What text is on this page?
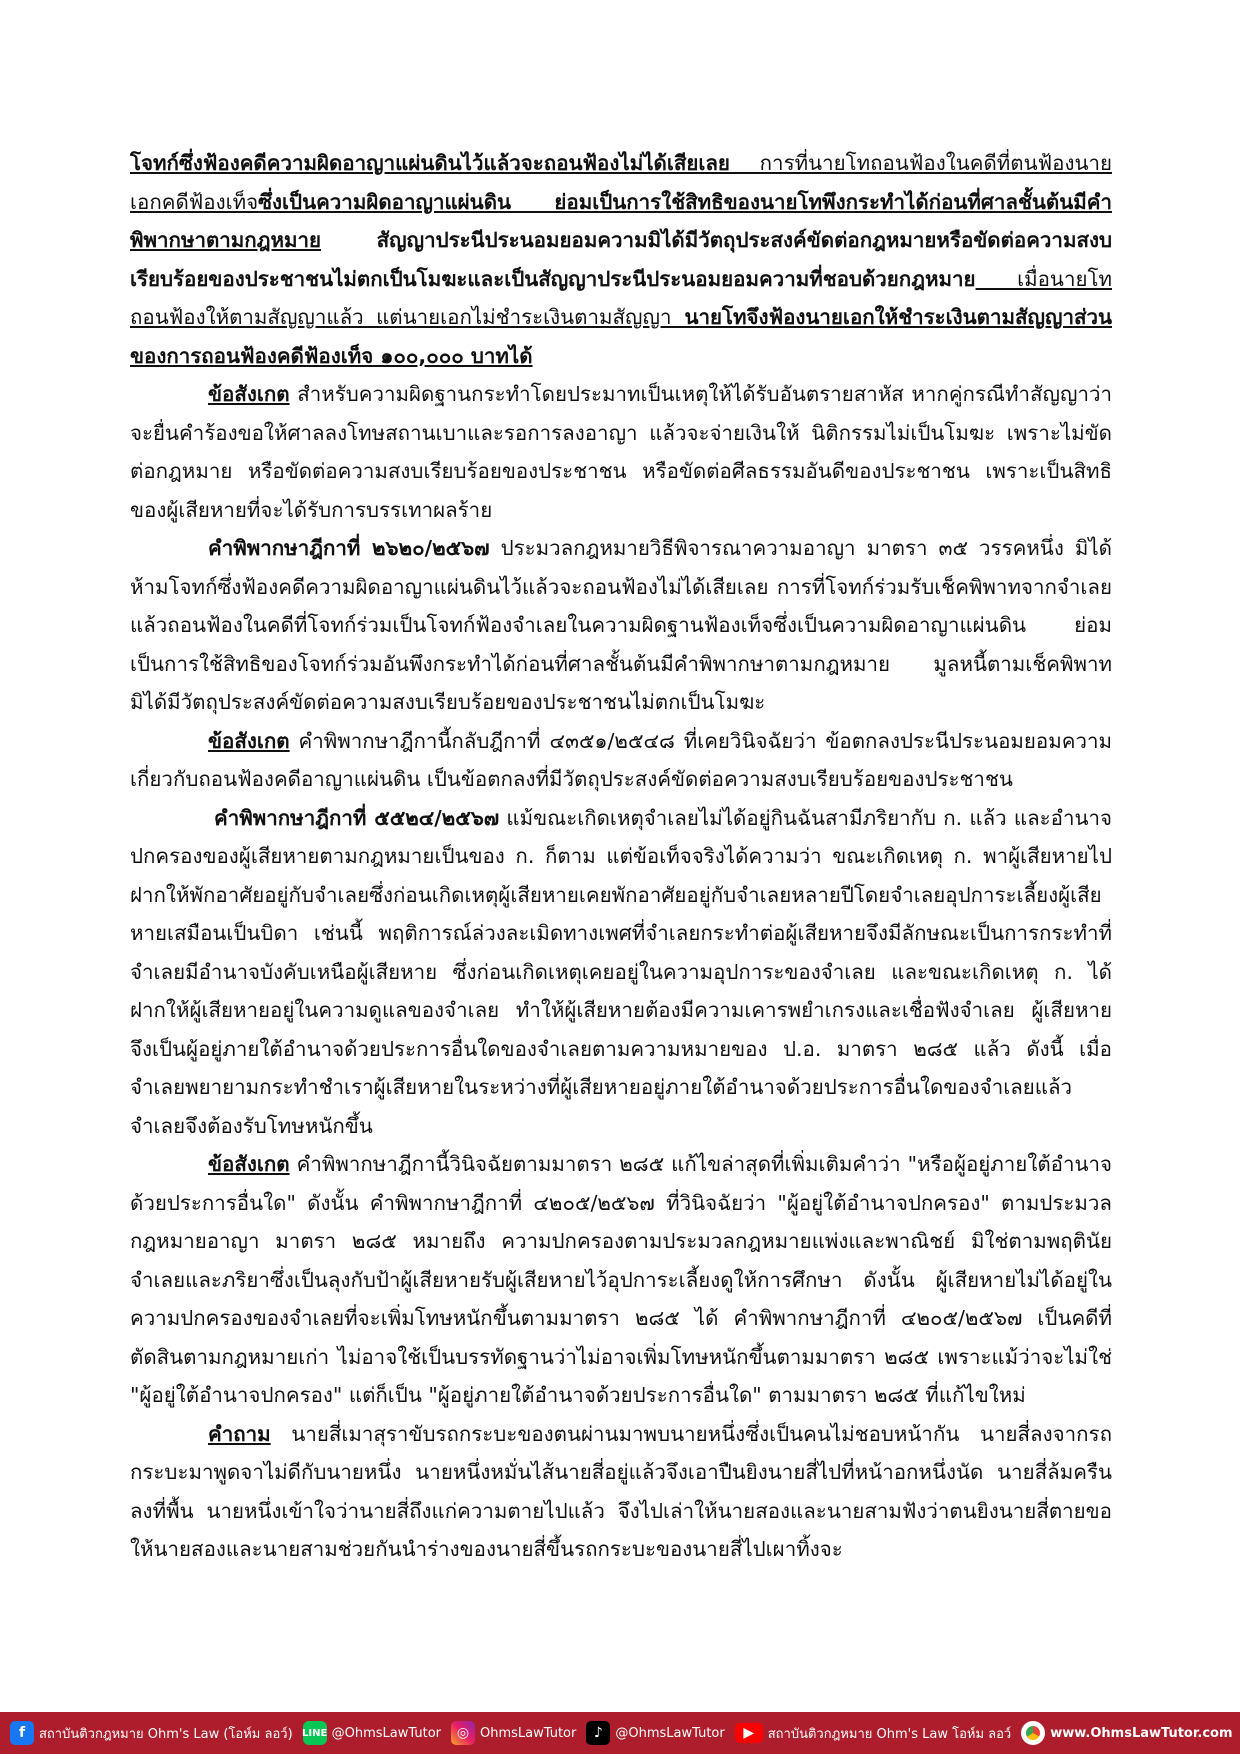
โจทก์ซึ่งฟ้องคดีความผิดอาญาแผ่นดินไว้แล้วจะถอนฟ้องไม่ได้เสียเลย การที่นายโทถอนฟ้องในคดีที่ตนฟ้องนายเอกคดีฟ้องเท็จซึ่งเป็นความผิดอาญาแผ่นดิน ย่อมเป็นการใช้สิทธิของนายโทพึงกระทำได้ก่อนที่ศาลชั้นต้นมีคำพิพากษาตามกฎหมาย สัญญาประนีประนอมยอมความมิได้มีวัตถุประสงค์ขัดต่อกฎหมายหรือขัดต่อความสงบเรียบร้อยของประชาชนไม่ตกเป็นโมฆะและเป็นสัญญาประนีประนอมยอมความที่ชอบด้วยกฎหมาย เมื่อนายโทถอนฟ้องให้ตามสัญญาแล้ว แต่นายเอกไม่ชำระเงินตามสัญญา นายโทจึงฟ้องนายเอกให้ชำระเงินตามสัญญาส่วนของการถอนฟ้องคดีฟ้องเท็จ ๑๐๐,๐๐๐ บาทได้

ข้อสังเกต สำหรับความผิดฐานกระทำโดยประมาทเป็นเหตุให้ได้รับอันตรายสาหัส หากคู่กรณีทำสัญญาว่า จะยื่นคำร้องขอให้ศาลลงโทษสถานเบาและรอการลงอาญา แล้วจะจ่ายเงินให้ นิติกรรมไม่เป็นโมฆะ เพราะไม่ขัดต่อกฎหมาย หรือขัดต่อความสงบเรียบร้อยของประชาชน หรือขัดต่อศีลธรรมอันดีของประชาชน เพราะเป็นสิทธิของผู้เสียหายที่จะได้รับการบรรเทาผลร้าย

คำพิพากษาฎีกาที่ ๒๖๒๐/๒๕๖๗ ประมวลกฎหมายวิธีพิจารณาความอาญา มาตรา ๓๕ วรรคหนึ่ง มิได้ห้ามโจทก์ซึ่งฟ้องคดีความผิดอาญาแผ่นดินไว้แล้วจะถอนฟ้องไม่ได้เสียเลย การที่โจทก์ร่วมรับเช็คพิพาทจากจำเลยแล้วถอนฟ้องในคดีที่โจทก์ร่วมเป็นโจทก์ฟ้องจำเลยในความผิดฐานฟ้องเท็จซึ่งเป็นความผิดอาญาแผ่นดิน ย่อมเป็นการใช้สิทธิของโจทก์ร่วมอันพึงกระทำได้ก่อนที่ศาลชั้นต้นมีคำพิพากษาตามกฎหมาย มูลหนี้ตามเช็คพิพาทมิได้มีวัตถุประสงค์ขัดต่อความสงบเรียบร้อยของประชาชนไม่ตกเป็นโมฆะ

ข้อสังเกต คำพิพากษาฎีกานี้กลับฎีกาที่ ๔๓๕๑/๒๕๔๘ ที่เคยวินิจฉัยว่า ข้อตกลงประนีประนอมยอมความเกี่ยวกับถอนฟ้องคดีอาญาแผ่นดิน เป็นข้อตกลงที่มีวัตถุประสงค์ขัดต่อความสงบเรียบร้อยของประชาชน

คำพิพากษาฎีกาที่ ๕๕๒๔/๒๕๖๗ แม้ขณะเกิดเหตุจำเลยไม่ได้อยู่กินฉันสามีภริยากับ ก. แล้ว และอำนาจปกครองของผู้เสียหายตามกฎหมายเป็นของ ก. ก็ตาม แต่ข้อเท็จจริงได้ความว่า ขณะเกิดเหตุ ก. พาผู้เสียหายไปฝากให้พักอาศัยอยู่กับจำเลยซึ่งก่อนเกิดเหตุผู้เสียหายเคยพักอาศัยอยู่กับจำเลยหลายปีโดยจำเลยอุปการะเลี้ยงผู้เสียหายเสมือนเป็นบิดา เช่นนี้ พฤติการณ์ล่วงละเมิดทางเพศที่จำเลยกระทำต่อผู้เสียหายจึงมีลักษณะเป็นการกระทำที่จำเลยมีอำนาจบังคับเหนือผู้เสียหาย ซึ่งก่อนเกิดเหตุเคยอยู่ในความอุปการะของจำเลย และขณะเกิดเหตุ ก. ได้ฝากให้ผู้เสียหายอยู่ในความดูแลของจำเลย ทำให้ผู้เสียหายต้องมีความเคารพยำเกรงและเชื่อฟังจำเลย ผู้เสียหายจึงเป็นผู้อยู่ภายใต้อำนาจด้วยประการอื่นใดของจำเลยตามความหมายของ ป.อ. มาตรา ๒๘๕ แล้ว ดังนี้ เมื่อจำเลยพยายามกระทำชำเราผู้เสียหายในระหว่างที่ผู้เสียหายอยู่ภายใต้อำนาจด้วยประการอื่นใดของจำเลยแล้ว จำเลยจึงต้องรับโทษหนักขึ้น

ข้อสังเกต คำพิพากษาฎีกานี้วินิจฉัยตามมาตรา ๒๘๕ แก้ไขล่าสุดที่เพิ่มเติมคำว่า "หรือผู้อยู่ภายใต้อำนาจด้วยประการอื่นใด" ดังนั้น คำพิพากษาฎีกาที่ ๔๒๐๕/๒๕๖๗ ที่วินิจฉัยว่า "ผู้อยู่ใต้อำนาจปกครอง" ตามประมวลกฎหมายอาญา มาตรา ๒๘๕ หมายถึง ความปกครองตามประมวลกฎหมายแพ่งและพาณิชย์ มิใช่ตามพฤตินัย จำเลยและภริยาซึ่งเป็นลุงกับป้าผู้เสียหายรับผู้เสียหายไว้อุปการะเลี้ยงดูให้การศึกษา ดังนั้น ผู้เสียหายไม่ได้อยู่ในความปกครองของจำเลยที่จะเพิ่มโทษหนักขึ้นตามมาตรา ๒๘๕ ได้ คำพิพากษาฎีกาที่ ๔๒๐๕/๒๕๖๗ เป็นคดีที่ตัดสินตามกฎหมายเก่า ไม่อาจใช้เป็นบรรทัดฐานว่าไม่อาจเพิ่มโทษหนักขึ้นตามมาตรา ๒๘๕ เพราะแม้ว่าจะไม่ใช่ "ผู้อยู่ใต้อำนาจปกครอง" แต่ก็เป็น "ผู้อยู่ภายใต้อำนาจด้วยประการอื่นใด" ตามมาตรา ๒๘๕ ที่แก้ไขใหม่

คำถาม นายสี่เมาสุราขับรถกระบะของตนผ่านมาพบนายหนึ่งซึ่งเป็นคนไม่ชอบหน้ากัน นายสี่ลงจากรถกระบะมาพูดจาไม่ดีกับนายหนึ่ง นายหนึ่งหมั่นไส้นายสี่อยู่แล้วจึงเอาปืนยิงนายสี่ไปที่หน้าอกหนึ่งนัด นายสี่ล้มครืนลงที่พื้น นายหนึ่งเข้าใจว่านายสี่ถึงแก่ความตายไปแล้ว จึงไปเล่าให้นายสองและนายสามฟังว่าตนยิงนายสี่ตายขอให้นายสองและนายสามช่วยกันนำร่างของนายสี่ขึ้นรถกระบะของนายสี่ไปเผาทิ้งจะ

f	สถาบันติวกฎหมาย Ohm's Law (โอห์ม ลอว์) LINE @OhmsLawTutor	◎ OhmsLawTutor	♪ @OhmsLawTutor	▶	สถาบันติวกฎหมาย Ohm's Law โอห์ม ลอว์	www.OhmsLawTutor.com
